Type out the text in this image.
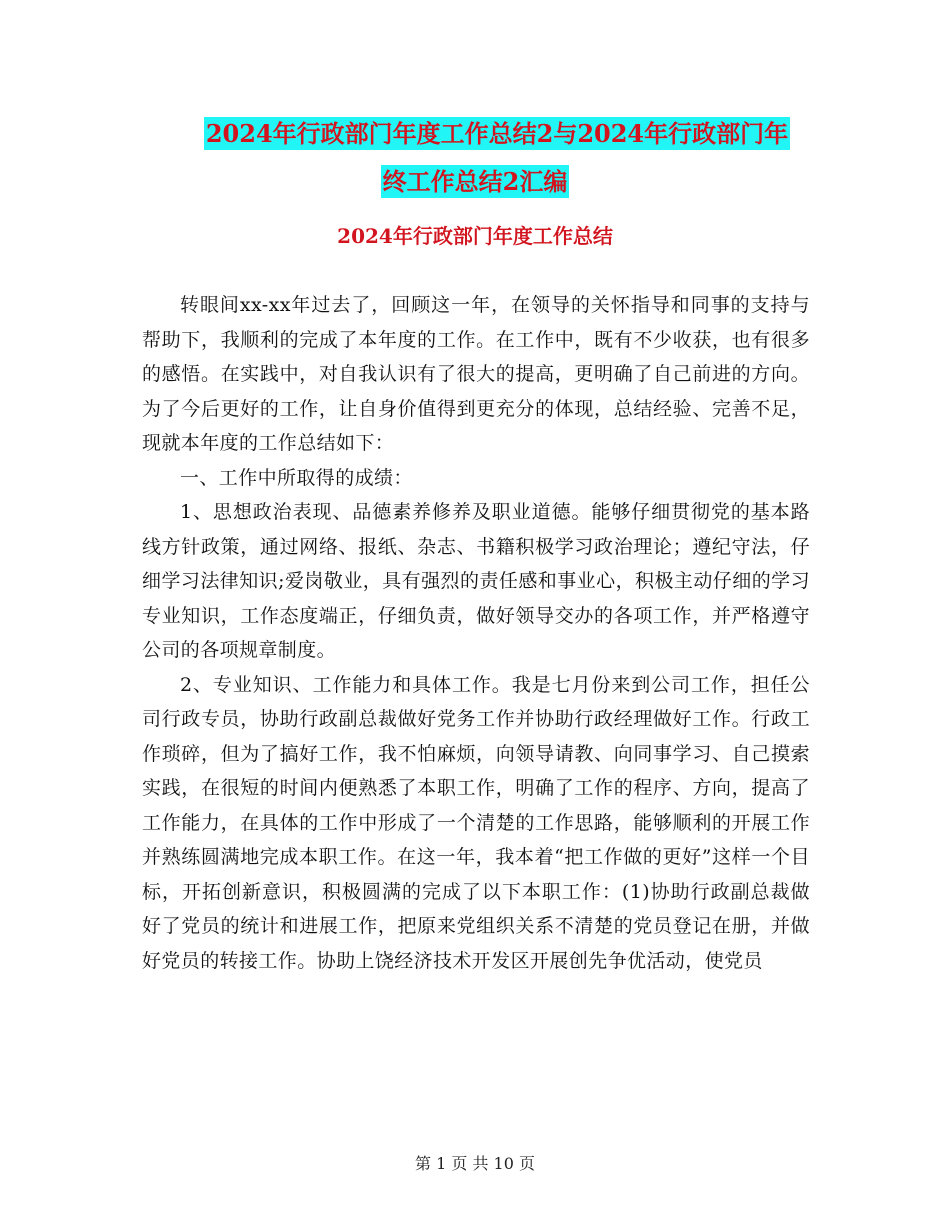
2024年行政部门年度工作总结2与2024年行政部门年
终工作总结2汇编
2024年行政部门年度工作总结

转眼间xx-xx年过去了，回顾这一年，在领导的关怀指导和同事的支持与帮助下，我顺利的完成了本年度的工作。在工作中，既有不少收获，也有很多的感悟。在实践中，对自我认识有了很大的提高，更明确了自己前进的方向。为了今后更好的工作，让自身价值得到更充分的体现，总结经验、完善不足，现就本年度的工作总结如下：

一、工作中所取得的成绩：

1、思想政治表现、品德素养修养及职业道德。能够仔细贯彻党的基本路线方针政策，通过网络、报纸、杂志、书籍积极学习政治理论；遵纪守法，仔细学习法律知识;爱岗敬业，具有强烈的责任感和事业心，积极主动仔细的学习专业知识，工作态度端正，仔细负责，做好领导交办的各项工作，并严格遵守公司的各项规章制度。

2、专业知识、工作能力和具体工作。我是七月份来到公司工作，担任公司行政专员，协助行政副总裁做好党务工作并协助行政经理做好工作。行政工作琐碎，但为了搞好工作，我不怕麻烦，向领导请教、向同事学习、自己摸索实践，在很短的时间内便熟悉了本职工作，明确了工作的程序、方向，提高了工作能力，在具体的工作中形成了一个清楚的工作思路，能够顺利的开展工作并熟练圆满地完成本职工作。在这一年，我本着“把工作做的更好”这样一个目标，开拓创新意识，积极圆满的完成了以下本职工作：(1)协助行政副总裁做好了党员的统计和进展工作，把原来党组织关系不清楚的党员登记在册，并做好党员的转接工作。协助上饶经济技术开发区开展创先争优活动，使党员

第 1 页 共 10 页
